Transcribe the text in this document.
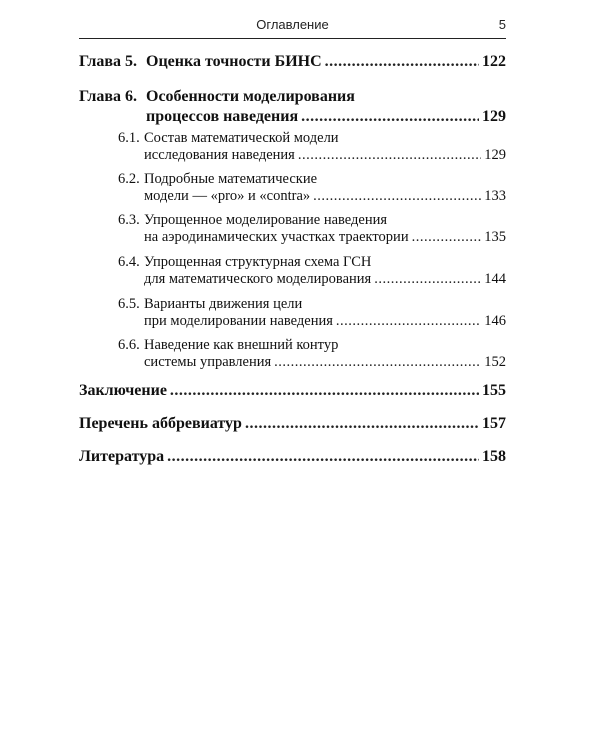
Оглавление	5
Глава 5. Оценка точности БИНС .....	122
Глава 6. Особенности моделирования
процессов наведения .....	129
6.1. Состав математической модели
исследования наведения .....	129
6.2. Подробные математические
модели — «pro» и «contra» .....	133
6.3. Упрощенное моделирование наведения
на аэродинамических участках траектории .....	135
6.4. Упрощенная структурная схема ГСН
для математического моделирования .....	144
6.5. Варианты движения цели
при моделировании наведения .....	146
6.6. Наведение как внешний контур
системы управления .....	152
Заключение .....	155
Перечень аббревиатур .....	157
Литература .....	158
